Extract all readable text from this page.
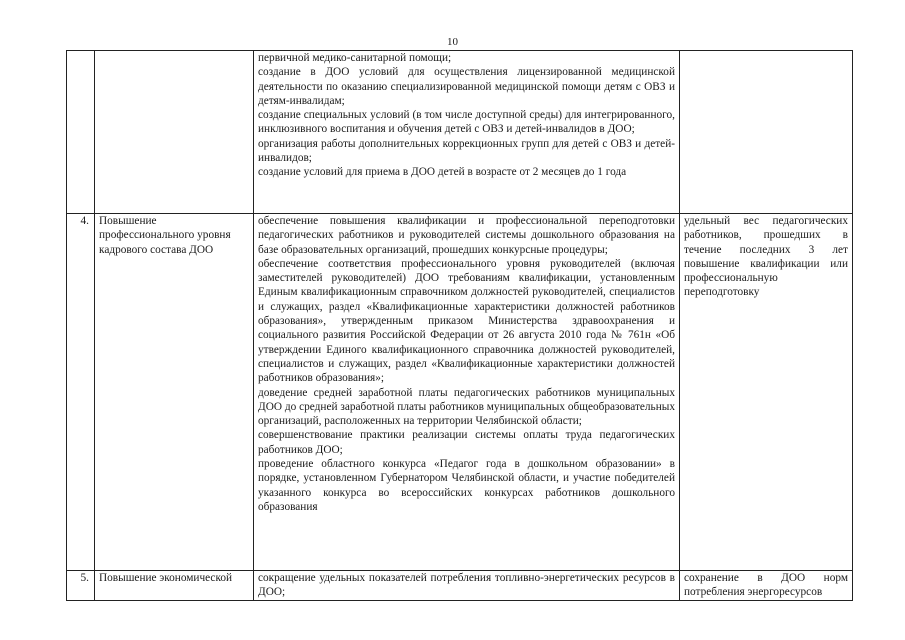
10

		первичной медико-санитарной помощи;
создание в ДОО условий для осуществления лицензированной медицинской деятельности по оказанию специализированной медицинской помощи детям с ОВЗ и детям-инвалидам;
создание специальных условий (в том числе доступной среды) для интегрированного, инклюзивного воспитания и обучения детей с ОВЗ и детей-инвалидов в ДОО;
организация работы дополнительных коррекционных групп для детей с ОВЗ и детей-инвалидов;
создание условий для приема в ДОО детей в возрасте от 2 месяцев до 1 года	

4.	Повышение профессионального уровня кадрового состава ДОО	обеспечение повышения квалификации и профессиональной переподготовки педагогических работников и руководителей системы дошкольного образования на базе образовательных организаций, прошедших конкурсные процедуры;
обеспечение соответствия профессионального уровня руководителей (включая заместителей руководителей) ДОО требованиям квалификации, установленным Единым квалификационным справочником должностей руководителей, специалистов и служащих, раздел «Квалификационные характеристики должностей работников образования», утвержденным приказом Министерства здравоохранения и социального развития Российской Федерации от 26 августа 2010 года № 761н «Об утверждении Единого квалификационного справочника должностей руководителей, специалистов и служащих, раздел «Квалификационные характеристики должностей работников образования»;
доведение средней заработной платы педагогических работников муниципальных ДОО до средней заработной платы работников муниципальных общеобразовательных организаций, расположенных на территории Челябинской области;
совершенствование практики реализации системы оплаты труда педагогических работников ДОО;
проведение областного конкурса «Педагог года в дошкольном образовании» в порядке, установленном Губернатором Челябинской области, и участие победителей указанного конкурса во всероссийских конкурсах работников дошкольного образования	удельный вес педагогических работников, прошедших в течение последних 3 лет повышение квалификации или профессиональную переподготовку

5.	Повышение экономической	сокращение удельных показателей потребления топливно-энергетических ресурсов в ДОО;	сохранение в ДОО норм потребления энергоресурсов
